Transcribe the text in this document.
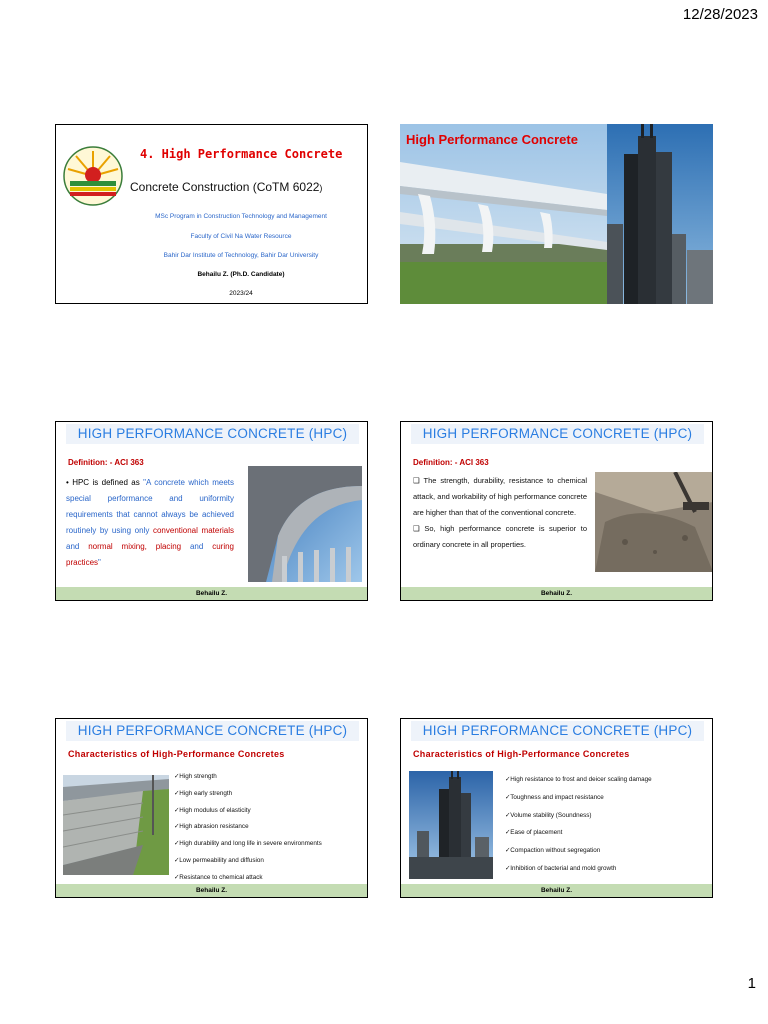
12/28/2023
4. High Performance Concrete
Concrete Construction (CoTM 6022)
MSc Program in Construction Technology and Management
Faculty of Civil Na Water Resource
Bahir Dar Institute of Technology, Bahir Dar University
Behailu Z. (Ph.D. Candidate)
2023/24
High Performance Concrete
HIGH PERFORMANCE CONCRETE (HPC)
Definition: - ACI 363
• HPC is defined as "A concrete which meets special performance and uniformity requirements that cannot always be achieved routinely by using only conventional materials and normal mixing, placing and curing practices"
Behailu Z.
HIGH PERFORMANCE CONCRETE (HPC)
Definition: - ACI 363
❑ The strength, durability, resistance to chemical attack, and workability of high performance concrete are higher than that of the conventional concrete.
❑ So, high performance concrete is superior to ordinary concrete in all properties.
Behailu Z.
HIGH PERFORMANCE CONCRETE (HPC)
Characteristics of High-Performance Concretes
✓High strength
✓High early strength
✓High modulus of elasticity
✓High abrasion resistance
✓High durability and long life in severe environments
✓Low permeability and diffusion
✓Resistance to chemical attack
Behailu Z.
HIGH PERFORMANCE CONCRETE (HPC)
Characteristics of High-Performance Concretes
✓High resistance to frost and deicer scaling damage
✓Toughness and impact resistance
✓Volume stability (Soundness)
✓Ease of placement
✓Compaction without segregation
✓Inhibition of bacterial and mold growth
Behailu Z.
1
